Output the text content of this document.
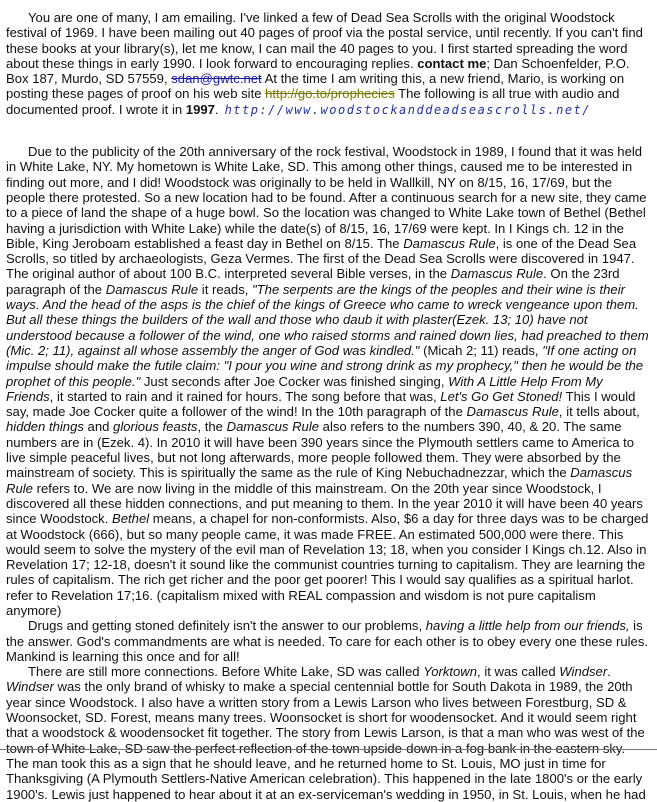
You are one of many, I am emailing. I've linked a few of Dead Sea Scrolls with the original Woodstock festival of 1969. I have been mailing out 40 pages of proof via the postal service, until recently. If you can't find these books at your library(s), let me know, I can mail the 40 pages to you. I first started spreading the word about these things in early 1990. I look forward to encouraging replies. contact me; Dan Schoenfelder, P.O. Box 187, Murdo, SD 57559, sdan@gwtc.net At the time I am writing this, a new friend, Mario, is working on posting these pages of proof on his web site http://go.to/prophecies The following is all true with audio and documented proof. I wrote it in 1997. http://www.woodstockanddeadseascrolls.net/

Due to the publicity of the 20th anniversary of the rock festival, Woodstock in 1989, I found that it was held in White Lake, NY. My hometown is White Lake, SD. This among other things, caused me to be interested in finding out more, and I did! Woodstock was originally to be held in Wallkill, NY on 8/15, 16, 17/69, but the people there protested. So a new location had to be found. After a continuous search for a new site, they came to a piece of land the shape of a huge bowl. So the location was changed to White Lake town of Bethel (Bethel having a jurisdiction with White Lake) while the date(s) of 8/15, 16, 17/69 were kept. In I Kings ch. 12 in the Bible, King Jeroboam established a feast day in Bethel on 8/15. The Damascus Rule, is one of the Dead Sea Scrolls, so titled by archaeologists, Geza Vermes. The first of the Dead Sea Scrolls were discovered in 1947. The original author of about 100 B.C. interpreted several Bible verses, in the Damascus Rule. On the 23rd paragraph of the Damascus Rule it reads, "The serpents are the kings of the peoples and their wine is their ways. And the head of the asps is the chief of the kings of Greece who came to wreck vengeance upon them. But all these things the builders of the wall and those who daub it with plaster(Ezek. 13; 10) have not understood because a follower of the wind, one who raised storms and rained down lies, had preached to them (Mic. 2; 11), against all whose assembly the anger of God was kindled." (Micah 2; 11) reads, "If one acting on impulse should make the futile claim: "I pour you wine and strong drink as my prophecy," then he would be the prophet of this people." Just seconds after Joe Cocker was finished singing, With A Little Help From My Friends, it started to rain and it rained for hours. The song before that was, Let's Go Get Stoned! This I would say, made Joe Cocker quite a follower of the wind! In the 10th paragraph of the Damascus Rule, it tells about, hidden things and glorious feasts, the Damascus Rule also refers to the numbers 390, 40, & 20. The same numbers are in (Ezek. 4). In 2010 it will have been 390 years since the Plymouth settlers came to America to live simple peaceful lives, but not long afterwards, more people followed them. They were absorbed by the mainstream of society. This is spiritually the same as the rule of King Nebuchadnezzar, which the Damascus Rule refers to. We are now living in the middle of this mainstream. On the 20th year since Woodstock, I discovered all these hidden connections, and put meaning to them. In the year 2010 it will have been 40 years since Woodstock. Bethel means, a chapel for non-conformists. Also, $6 a day for three days was to be charged at Woodstock (666), but so many people came, it was made FREE. An estimated 500,000 were there. This would seem to solve the mystery of the evil man of Revelation 13; 18, when you consider I Kings ch.12. Also in Revelation 17; 12-18, doesn't it sound like the communist countries turning to capitalism. They are learning the rules of capitalism. The rich get richer and the poor get poorer! This I would say qualifies as a spiritual harlot. refer to Revelation 17;16. (capitalism mixed with REAL compassion and wisdom is not pure capitalism anymore)

Drugs and getting stoned definitely isn't the answer to our problems, having a little help from our friends, is the answer. God's commandments are what is needed. To care for each other is to obey every one these rules. Mankind is learning this once and for all!

There are still more connections. Before White Lake, SD was called Yorktown, it was called Windser. Windser was the only brand of whisky to make a special centennial bottle for South Dakota in 1989, the 20th year since Woodstock. I also have a written story from a Lewis Larson who lives between Forestburg, SD & Woonsocket, SD. Forest, means many trees. Woonsocket is short for woodensocket. And it would seem right that a woodstock & woodensocket fit together. The story from Lewis Larson, is that a man who was west of the town of White Lake, SD saw the perfect reflection of the town upside-down in a fog bank in the eastern sky. The man took this as a sign that he should leave, and he returned home to St. Louis, MO just in time for Thanksgiving (A Plymouth Settlers-Native American celebration). This happened in the late 1800's or the early 1900's. Lewis just happened to hear about it at an ex-serviceman's wedding in 1950, in St. Louis, when he had
